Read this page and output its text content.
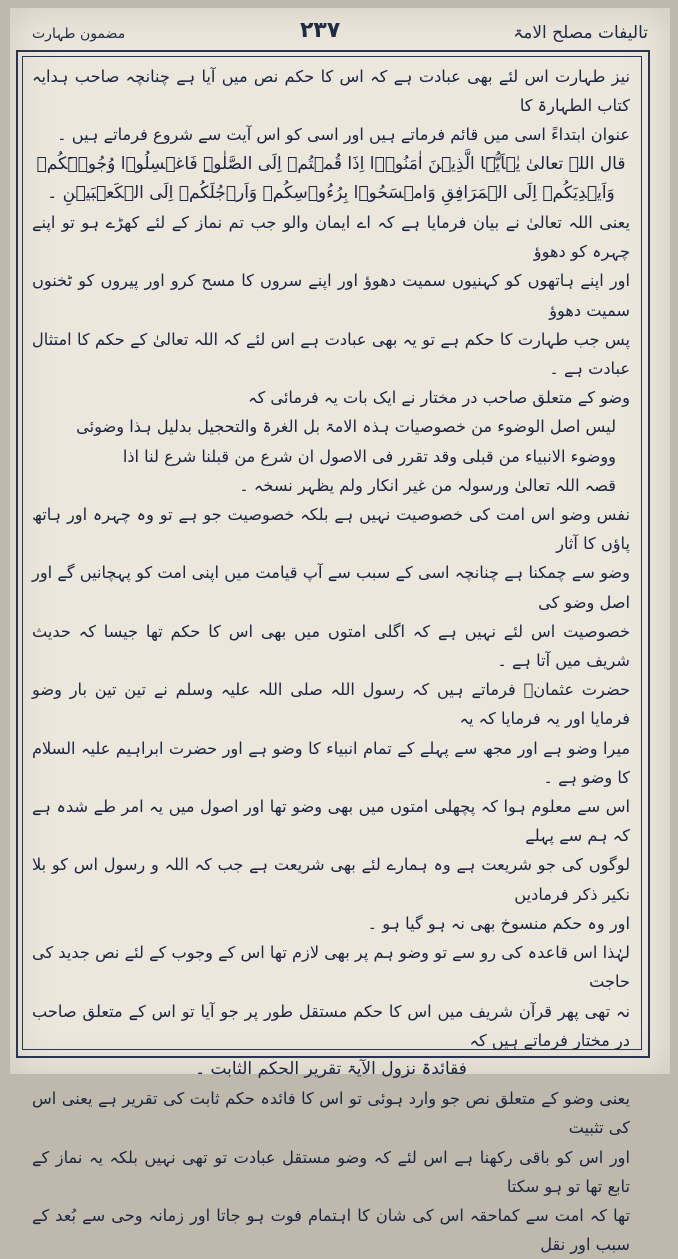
تالیفات مصلح الامۃ
۲۳۷
مضمون طہارت

نیز طہارت اس لئے بھی عبادت ہے کہ اس کا حکم نص میں آیا ہے چنانچہ صاحب ہدایہ کتاب الطہارۃ کا

عنوان ابتداءً اسی میں قائم فرماتے ہیں اور اسی کو اس آیت سے شروع فرماتے ہیں ۔

قال اللہ تعالیٰ یٰۤاَیُّہَا الَّذِیۡنَ اٰمَنُوۡۤا اِذَا قُمۡتُمۡ اِلَی الصَّلٰوۃِ فَاغۡسِلُوۡا وُجُوۡہَکُمۡ

وَاَیۡدِیَکُمۡ اِلَی الۡمَرَافِقِ وَامۡسَحُوۡا بِرُءُوۡسِکُمۡ وَاَرۡجُلَکُمۡ اِلَی الۡکَعۡبَیۡنِ ۔

یعنی اللہ تعالیٰ نے بیان فرمایا ہے کہ اے ایمان والو جب تم نماز کے لئے کھڑے ہو تو اپنے چہرہ کو دھوؤ

اور اپنے ہاتھوں کو کہنیوں سمیت دھوؤ اور اپنے سروں کا مسح کرو اور پیروں کو ٹخنوں سمیت دھوؤ

پس جب طہارت کا حکم ہے تو یہ بھی عبادت ہے اس لئے کہ اللہ تعالیٰ کے حکم کا امتثال عبادت ہے ۔

وضو کے متعلق صاحب در مختار نے ایک بات یہ فرمائی کہ

لیس اصل الوضوء من خصوصیات ہذہ الامۃ بل الغرۃ والتحجیل بدلیل ہذا وضوئی

ووضوء الانبیاء من قبلی وقد تقرر فی الاصول ان شرع من قبلنا شرع لنا اذا

قصہ اللہ تعالیٰ ورسولہ من غیر انکار ولم یظہر نسخہ ۔

نفس وضو اس امت کی خصوصیت نہیں ہے بلکہ خصوصیت جو ہے تو وہ چہرہ اور ہاتھ پاؤں کا آثار

وضو سے چمکنا ہے چنانچہ اسی کے سبب سے آپ قیامت میں اپنی امت کو پہچانیں گے اور اصل وضو کی

خصوصیت اس لئے نہیں ہے کہ اگلی امتوں میں بھی اس کا حکم تھا جیسا کہ حدیث شریف میں آتا ہے ۔

حضرت عثمانؓ فرماتے ہیں کہ رسول اللہ صلی اللہ علیہ وسلم نے تین تین بار وضو فرمایا اور یہ فرمایا کہ یہ

میرا وضو ہے اور مجھ سے پہلے کے تمام انبیاء کا وضو ہے اور حضرت ابراہیم علیہ السلام کا وضو ہے ۔

اس سے معلوم ہوا کہ پچھلی امتوں میں بھی وضو تھا اور اصول میں یہ امر طے شدہ ہے کہ ہم سے پہلے

لوگوں کی جو شریعت ہے وہ ہمارے لئے بھی شریعت ہے جب کہ اللہ و رسول اس کو بلا نکیر ذکر فرمادیں

اور وہ حکم منسوخ بھی نہ ہو گیا ہو ۔

لہٰذا اس قاعدہ کی رو سے تو وضو ہم پر بھی لازم تھا اس کے وجوب کے لئے نص جدید کی حاجت

نہ تھی پھر قرآن شریف میں اس کا حکم مستقل طور پر جو آیا تو اس کے متعلق صاحب در مختار فرماتے ہیں کہ

فقائدۃ نزول الآیۃ تقریر الحکم الثابت ۔

یعنی وضو کے متعلق نص جو وارد ہوئی تو اس کا فائدہ حکم ثابت کی تقریر ہے یعنی اس کی تثبیت

اور اس کو باقی رکھنا ہے اس لئے کہ وضو مستقل عبادت تو تھی نہیں بلکہ یہ نماز کے تابع تھا تو ہو سکتا

تھا کہ امت سے کماحقہ اس کی شان کا اہتمام فوت ہو جاتا اور زمانہ وحی سے بُعد کے سبب اور نقل
